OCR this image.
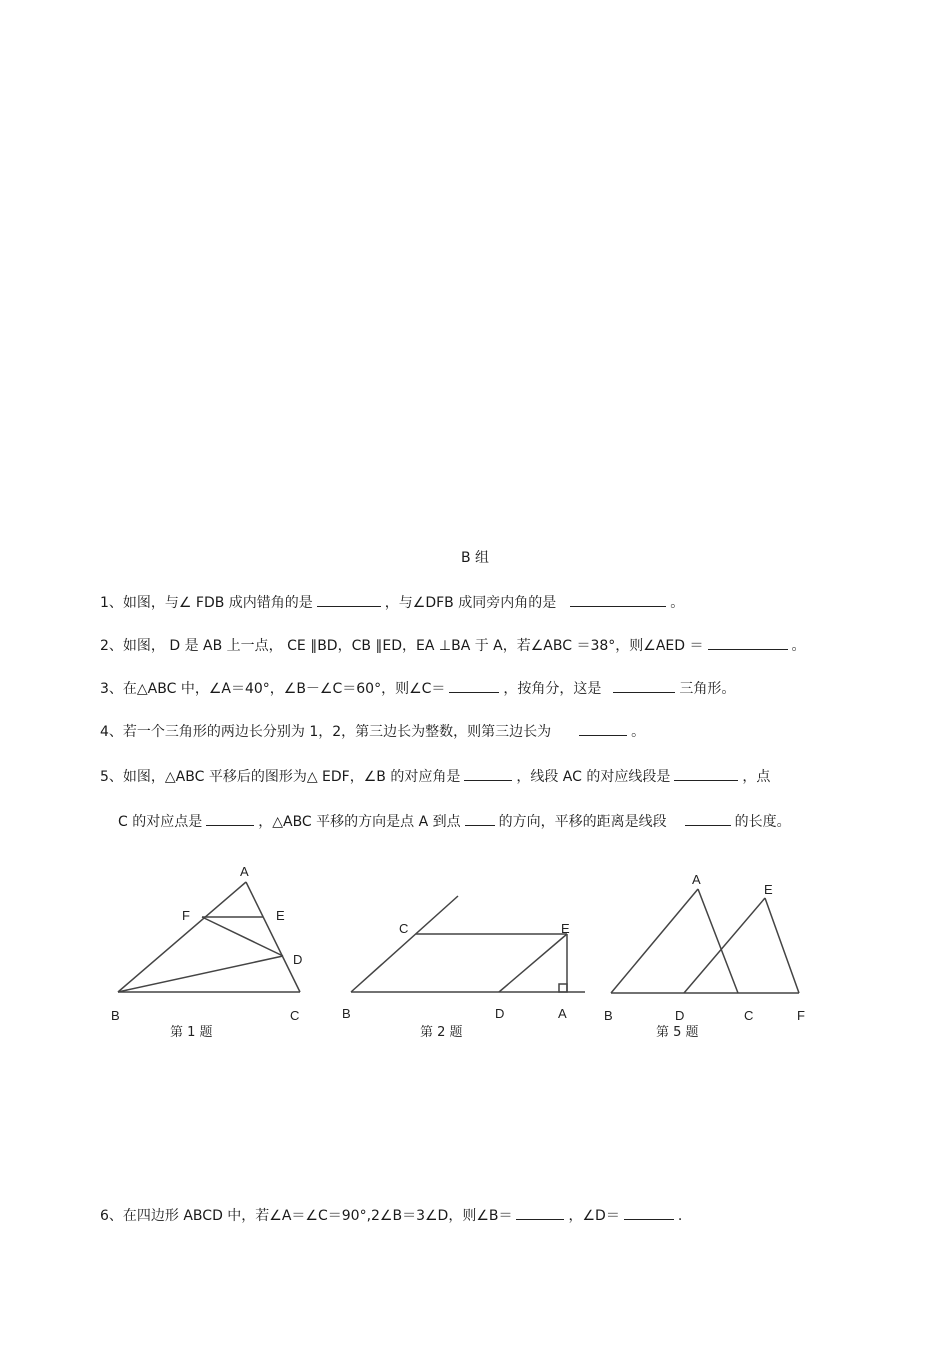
B 组
1、如图，与∠ FDB 成内错角的是	，与∠DFB 成同旁内角的是	。
2、如图， D 是 AB 上一点， CE ∥BD，CB ∥ED，EA ⊥BA 于 A，若∠ABC ＝38°，则∠AED ＝	。
3、在△ABC 中，∠A＝40°，∠B－∠C＝60°，则∠C＝	，按角分，这是	三角形。
4、若一个三角形的两边长分别为 1，2，第三边长为整数，则第三边长为	。
5、如图，△ABC 平移后的图形为△ EDF，∠B 的对应角是	，线段 AC 的对应线段是	，点
C 的对应点是	，△ABC 平移的方向是点 A 到点	的方向，平移的距离是线段	的长度。
A
F	E
D
B	C
第 1 题
C	E
B	D	A
第 2 题
A
E
B	D	C	F
第 5 题
6、在四边形 ABCD 中，若∠A＝∠C＝90°,2∠B＝3∠D，则∠B＝	，∠D＝	.
